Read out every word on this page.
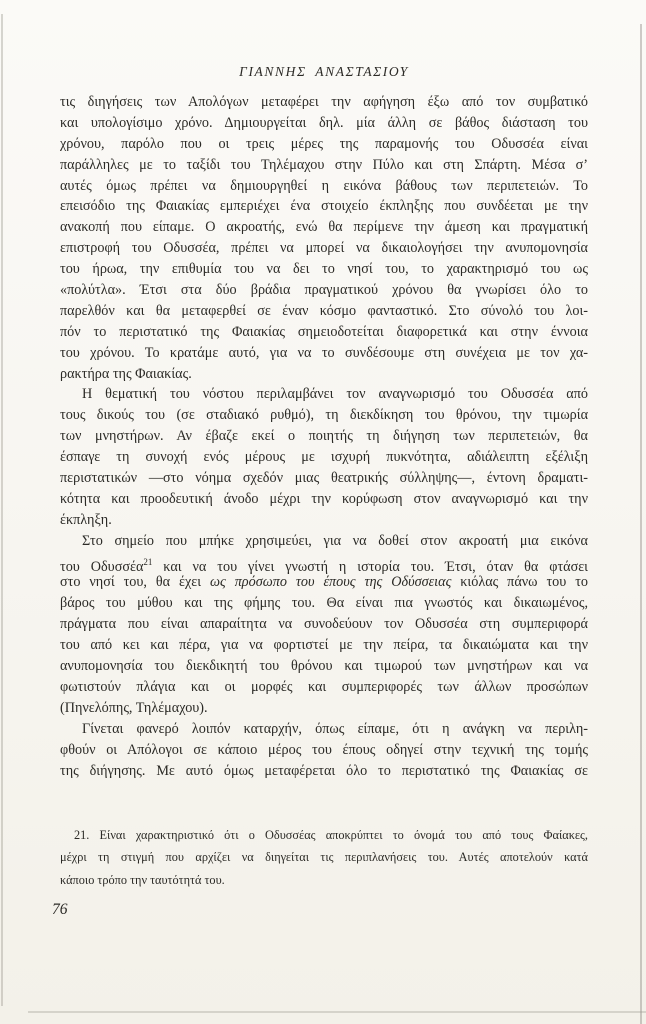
ΓΙΑΝΝΗΣ ΑΝΑΣΤΑΣΙΟΥ
τις διηγήσεις των Απολόγων μεταφέρει την αφήγηση έξω από τον συμβατικό
και υπολογίσιμο χρόνο. Δημιουργείται δηλ. μία άλλη σε βάθος διάσταση του
χρόνου, παρόλο που οι τρεις μέρες της παραμονής του Οδυσσέα είναι
παράλληλες με το ταξίδι του Τηλέμαχου στην Πύλο και στη Σπάρτη. Μέσα σ’
αυτές όμως πρέπει να δημιουργηθεί η εικόνα βάθους των περιπετειών. Το
επεισόδιο της Φαιακίας εμπεριέχει ένα στοιχείο έκπληξης που συνδέεται με την
ανακοπή που είπαμε. Ο ακροατής, ενώ θα περίμενε την άμεση και πραγματική
επιστροφή του Οδυσσέα, πρέπει να μπορεί να δικαιολογήσει την ανυπομονησία
του ήρωα, την επιθυμία του να δει το νησί του, το χαρακτηρισμό του ως
«πολύτλα». Έτσι στα δύο βράδια πραγματικού χρόνου θα γνωρίσει όλο το
παρελθόν και θα μεταφερθεί σε έναν κόσμο φανταστικό. Στο σύνολό του λοι-
πόν το περιστατικό της Φαιακίας σημειοδοτείται διαφορετικά και στην έννοια
του χρόνου. Το κρατάμε αυτό, για να το συνδέσουμε στη συνέχεια με τον χα-
ρακτήρα της Φαιακίας.
Η θεματική του νόστου περιλαμβάνει τον αναγνωρισμό του Οδυσσέα από
τους δικούς του (σε σταδιακό ρυθμό), τη διεκδίκηση του θρόνου, την τιμωρία
των μνηστήρων. Αν έβαζε εκεί ο ποιητής τη διήγηση των περιπετειών, θα
έσπαγε τη συνοχή ενός μέρους με ισχυρή πυκνότητα, αδιάλειπτη εξέλιξη
περιστατικών —στο νόημα σχεδόν μιας θεατρικής σύλληψης—, έντονη δραματι-
κότητα και προοδευτική άνοδο μέχρι την κορύφωση στον αναγνωρισμό και την
έκπληξη.
Στο σημείο που μπήκε χρησιμεύει, για να δοθεί στον ακροατή μια εικόνα
του Οδυσσέα$^{21}$ και να του γίνει γνωστή η ιστορία του. Έτσι, όταν θα φτάσει
στο νησί του, θα έχει ως πρόσωπο του έπους της Οδύσσειας κιόλας πάνω του το
βάρος του μύθου και της φήμης του. Θα είναι πια γνωστός και δικαιωμένος,
πράγματα που είναι απαραίτητα να συνοδεύουν τον Οδυσσέα στη συμπεριφορά
του από κει και πέρα, για να φορτιστεί με την πείρα, τα δικαιώματα και την
ανυπομονησία του διεκδικητή του θρόνου και τιμωρού των μνηστήρων και να
φωτιστούν πλάγια και οι μορφές και συμπεριφορές των άλλων προσώπων
(Πηνελόπης, Τηλέμαχου).
Γίνεται φανερό λοιπόν καταρχήν, όπως είπαμε, ότι η ανάγκη να περιλη-
φθούν οι Απόλογοι σε κάποιο μέρος του έπους οδηγεί στην τεχνική της τομής
της διήγησης. Με αυτό όμως μεταφέρεται όλο το περιστατικό της Φαιακίας σε
21. Είναι χαρακτηριστικό ότι ο Οδυσσέας αποκρύπτει το όνομά του από τους Φαίακες,
μέχρι τη στιγμή που αρχίζει να διηγείται τις περιπλανήσεις του. Αυτές αποτελούν κατά
κάποιο τρόπο την ταυτότητά του.
76
